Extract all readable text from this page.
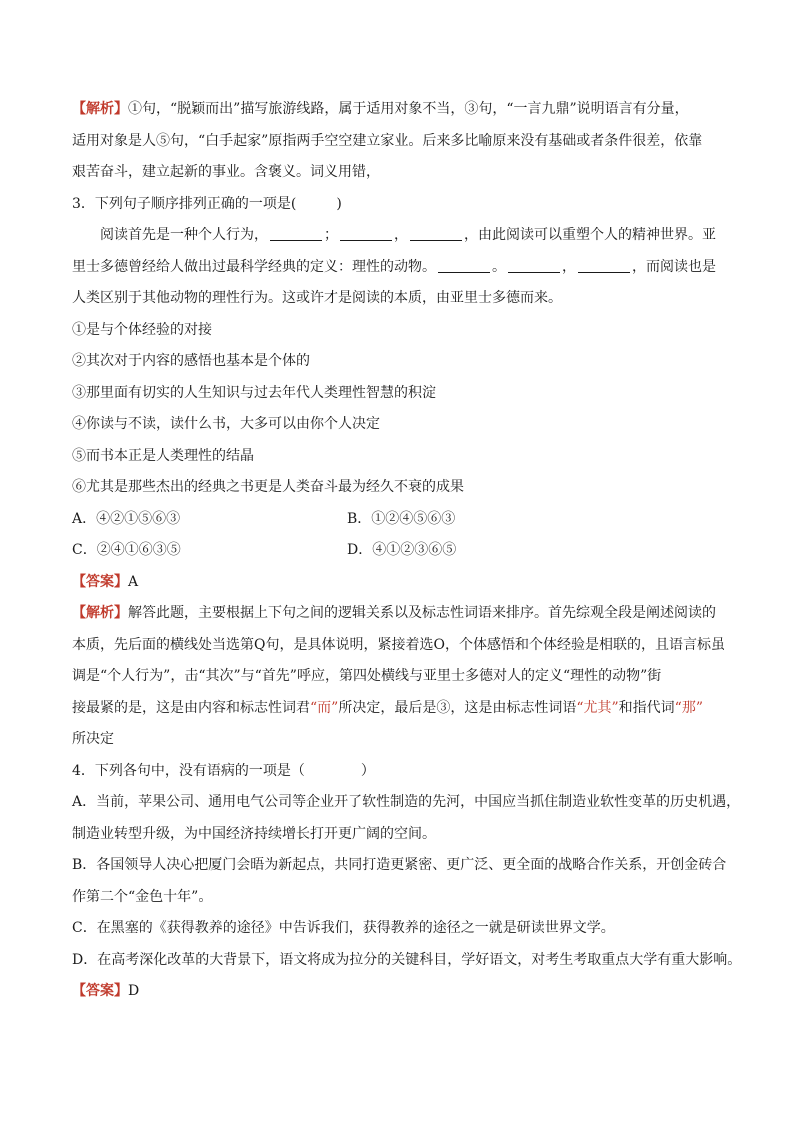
【解析】①句，“脱颖而出”描写旅游线路，属于适用对象不当，③句，“一言九鼎”说明语言有分量，
适用对象是人⑤句，“白手起家”原指两手空空建立家业。后来多比喻原来没有基础或者条件很差，依靠
艰苦奋斗，建立起新的事业。含褒义。词义用错，
3．下列句子顺序排列正确的一项是(	)
阅读首先是一种个人行为，	；	，	，由此阅读可以重塑个人的精神世界。亚
里士多德曾经给人做出过最科学经典的定义：理性的动物。	。	，	，而阅读也是
人类区别于其他动物的理性行为。这或许才是阅读的本质，由亚里士多德而来。
①是与个体经验的对接
②其次对于内容的感悟也基本是个体的
③那里面有切实的人生知识与过去年代人类理性智慧的积淀
④你读与不读，读什么书，大多可以由你个人决定
⑤而书本正是人类理性的结晶
⑥尤其是那些杰出的经典之书更是人类奋斗最为经久不衰的成果
A．④②①⑤⑥③	B．①②④⑤⑥③
C．②④①⑥③⑤	D．④①②③⑥⑤
【答案】A
【解析】解答此题，主要根据上下句之间的逻辑关系以及标志性词语来排序。首先综观全段是阐述阅读的
本质，先后面的横线处当选第Q句，是具体说明，紧接着选O，个体感悟和个体经验是相联的，且语言标虽
调是“个人行为”，击“其次”与“首先”呼应，第四处横线与亚里士多德对人的定义“理性的动物”街
接最紧的是，这是由内容和标志性词君“而”所决定，最后是③，这是由标志性词语“尤其”和指代词“那”
所决定
4．下列各句中，没有语病的一项是（	）
A．当前，苹果公司、通用电气公司等企业开了软性制造的先河，中国应当抓住制造业软性变革的历史机遇，
制造业转型升级，为中国经济持续增长打开更广阔的空间。
B．各国领导人决心把厦门会晤为新起点，共同打造更紧密、更广泛、更全面的战略合作关系，开创金砖合
作第二个“金色十年”。
C．在黑塞的《获得教养的途径》中告诉我们，获得教养的途径之一就是研读世界文学。
D．在高考深化改革的大背景下，语文将成为拉分的关键科目，学好语文，对考生考取重点大学有重大影响。
【答案】D
